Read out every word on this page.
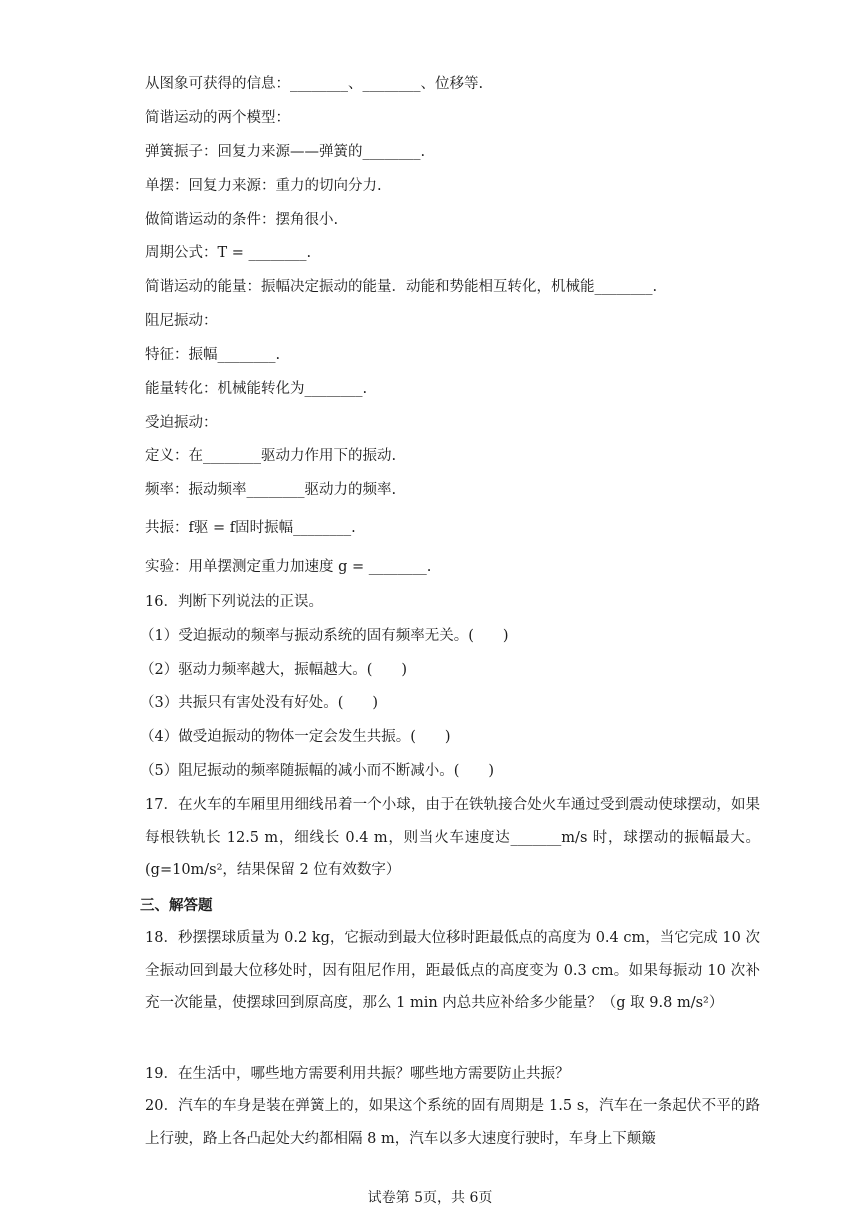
从图象可获得的信息：________、________、位移等.
简谐运动的两个模型：
弹簧振子：回复力来源——弹簧的________.
单摆：回复力来源：重力的切向分力.
做简谐运动的条件：摆角很小.
周期公式：T = ________.
简谐运动的能量：振幅决定振动的能量．动能和势能相互转化，机械能________.
阻尼振动：
特征：振幅________.
能量转化：机械能转化为________.
受迫振动：
定义：在________驱动力作用下的振动.
频率：振动频率________驱动力的频率.
共振：f驱 = f固时振幅________.
实验：用单摆测定重力加速度 g = ________.
16．判断下列说法的正误。
（1）受迫振动的频率与振动系统的固有频率无关。(　　)
（2）驱动力频率越大，振幅越大。(　　)
（3）共振只有害处没有好处。(　　)
（4）做受迫振动的物体一定会发生共振。(　　)
（5）阻尼振动的频率随振幅的减小而不断减小。(　　)
17．在火车的车厢里用细线吊着一个小球，由于在铁轨接合处火车通过受到震动使球摆动，如果每根铁轨长 12.5 m，细线长 0.4 m，则当火车速度达_______m/s 时，球摆动的振幅最大。(g=10m/s²，结果保留 2 位有效数字）
三、解答题
18．秒摆摆球质量为 0.2 kg，它振动到最大位移时距最低点的高度为 0.4 cm，当它完成 10 次全振动回到最大位移处时，因有阻尼作用，距最低点的高度变为 0.3 cm。如果每振动 10 次补充一次能量，使摆球回到原高度，那么 1 min 内总共应补给多少能量？（g 取 9.8 m/s²）
19．在生活中，哪些地方需要利用共振？哪些地方需要防止共振？
20．汽车的车身是装在弹簧上的，如果这个系统的固有周期是 1.5 s，汽车在一条起伏不平的路上行驶，路上各凸起处大约都相隔 8 m，汽车以多大速度行驶时，车身上下颠簸
试卷第 5页，共 6页
